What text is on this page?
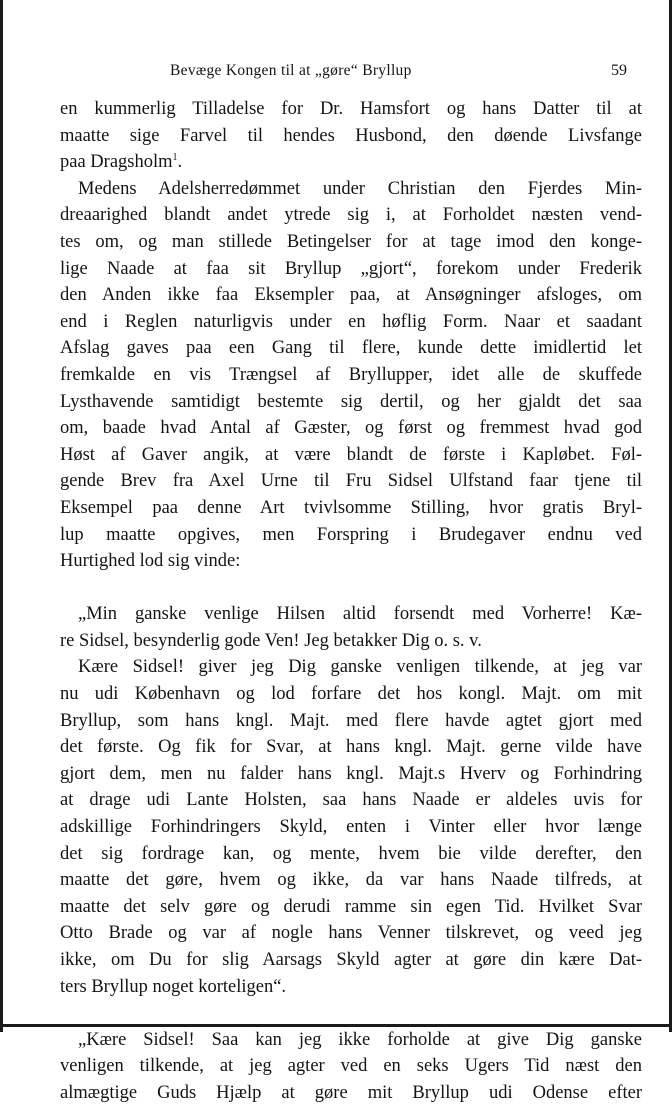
Bevæge Kongen til at „gøre“ Bryllup	59
en kummerlig Tilladelse for Dr. Hamsfort og hans Datter til at
maatte sige Farvel til hendes Husbond, den døende Livsfange
paa Dragsholm$^1$.
Medens Adelsherredømmet under Christian den Fjerdes Min-
dreaarighed blandt andet ytrede sig i, at Forholdet næsten vend-
tes om, og man stillede Betingelser for at tage imod den konge-
lige Naade at faa sit Bryllup „gjort“, forekom under Frederik
den Anden ikke faa Eksempler paa, at Ansøgninger afsloges, om
end i Reglen naturligvis under en høflig Form. Naar et saadant
Afslag gaves paa een Gang til flere, kunde dette imidlertid let
fremkalde en vis Trængsel af Bryllupper, idet alle de skuffede
Lysthavende samtidigt bestemte sig dertil, og her gjaldt det saa
om, baade hvad Antal af Gæster, og først og fremmest hvad god
Høst af Gaver angik, at være blandt de første i Kapløbet. Føl-
gende Brev fra Axel Urne til Fru Sidsel Ulfstand faar tjene til
Eksempel paa denne Art tvivlsomme Stilling, hvor gratis Bryl-
lup maatte opgives, men Forspring i Brudegaver endnu ved
Hurtighed lod sig vinde:
„Min ganske venlige Hilsen altid forsendt med Vorherre! Kæ-
re Sidsel, besynderlig gode Ven! Jeg betakker Dig o. s. v.
Kære Sidsel! giver jeg Dig ganske venligen tilkende, at jeg var
nu udi København og lod forfare det hos kongl. Majt. om mit
Bryllup, som hans kngl. Majt. med flere havde agtet gjort med
det første. Og fik for Svar, at hans kngl. Majt. gerne vilde have
gjort dem, men nu falder hans kngl. Majt.s Hverv og Forhindring
at drage udi Lante Holsten, saa hans Naade er aldeles uvis for
adskillige Forhindringers Skyld, enten i Vinter eller hvor længe
det sig fordrage kan, og mente, hvem bie vilde derefter, den
maatte det gøre, hvem og ikke, da var hans Naade tilfreds, at
maatte det selv gøre og derudi ramme sin egen Tid. Hvilket Svar
Otto Brade og var af nogle hans Venner tilskrevet, og veed jeg
ikke, om Du for slig Aarsags Skyld agter at gøre din kære Dat-
ters Bryllup noget korteligen“.
„Kære Sidsel! Saa kan jeg ikke forholde at give Dig ganske
venligen tilkende, at jeg agter ved en seks Ugers Tid næst den
almægtige Guds Hjælp at gøre mit Bryllup udi Odense efter
